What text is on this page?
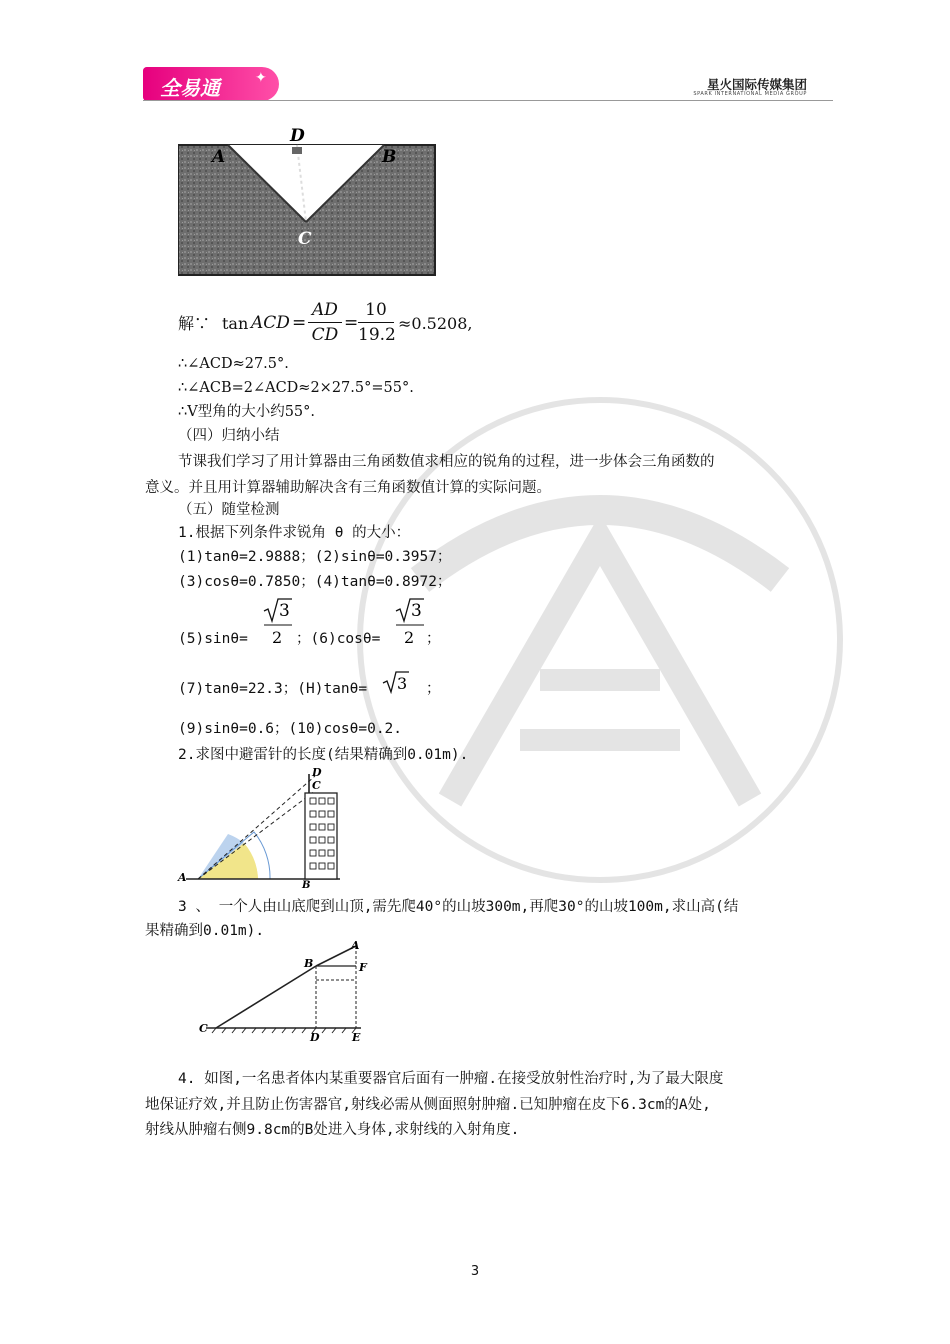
全易通	✦	星火国际传媒集团
SPARK INTERNATIONAL MEDIA GROUP
D
A	B
C
解∵ tan ACD =
AD
CD
=
10
19.2
≈0.5208,
∴∠ACD≈27.5°.
∴∠ACB=2∠ACD≈2×27.5°=55°.
∴V型角的大小约55°.
（四）归纳小结
节课我们学习了用计算器由三角函数值求相应的锐角的过程，进一步体会三角函数的
意义。并且用计算器辅助解决含有三角函数值计算的实际问题。
（五）随堂检测
1.根据下列条件求锐角 θ 的大小：
(1)tanθ=2.9888；(2)sinθ=0.3957；
(3)cosθ=0.7850；(4)tanθ=0.8972；
(5)sinθ=
3
2 ；(6)cosθ=
3
2 ；
(7)tanθ=22.3；(H)tanθ= 3 ；
(9)sinθ=0.6；(10)cosθ=0.2.
2.求图中避雷针的长度(结果精确到0.01m).
D
C
A
B
3 、 一个人由山底爬到山顶,需先爬40°的山坡300m,再爬30°的山坡100m,求山高(结
果精确到0.01m).
A
B
C
D	E
F
4. 如图,一名患者体内某重要器官后面有一肿瘤.在接受放射性治疗时,为了最大限度
地保证疗效,并且防止伤害器官,射线必需从侧面照射肿瘤.已知肿瘤在皮下6.3cm的A处,
射线从肿瘤右侧9.8cm的B处进入身体,求射线的入射角度.
3
